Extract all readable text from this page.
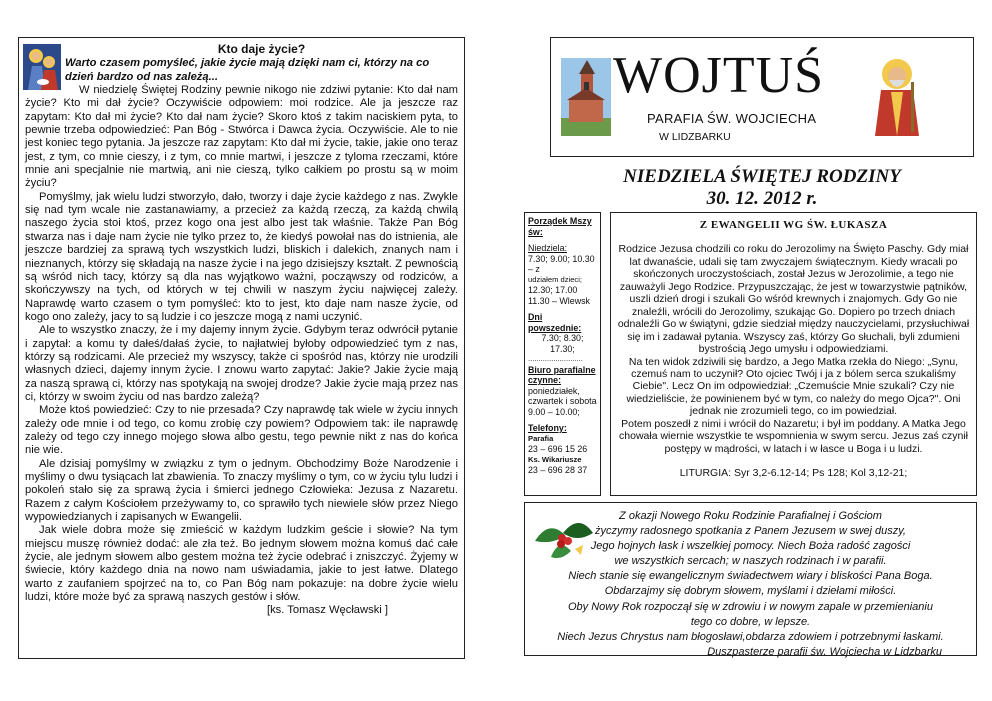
Kto daje życie?

Warto czasem pomyśleć, jakie życie mają dzięki nam ci, którzy na co dzień bardzo od nas zależą...

W niedzielę Świętej Rodziny pewnie nikogo nie zdziwi pytanie: Kto dał nam życie? Kto mi dał życie? Oczywiście odpowiem: moi rodzice. Ale ja jeszcze raz zapytam: Kto dał mi życie? Kto dał nam życie? Skoro ktoś z takim naciskiem pyta, to pewnie trzeba odpowiedzieć: Pan Bóg - Stwórca i Dawca życia. Oczywiście. Ale to nie jest koniec tego pytania. Ja jeszcze raz zapytam: Kto dał mi życie, takie, jakie ono teraz jest, z tym, co mnie cieszy, i z tym, co mnie martwi, i jeszcze z tyloma rzeczami, które mnie ani specjalnie nie martwią, ani nie cieszą, tylko całkiem po prostu są w moim życiu?

Pomyślmy, jak wielu ludzi stworzyło, dało, tworzy i daje życie każdego z nas. Zwykle się nad tym wcale nie zastanawiamy, a przecież za każdą rzeczą, za każdą chwilą naszego życia stoi ktoś, przez kogo ona jest albo jest tak właśnie. Także Pan Bóg stwarza nas i daje nam życie nie tylko przez to, że kiedyś powołał nas do istnienia, ale jeszcze bardziej za sprawą tych wszystkich ludzi, bliskich i dalekich, znanych nam i nieznanych, którzy się składają na nasze życie i na jego dzisiejszy kształt. Z pewnością są wśród nich tacy, którzy są dla nas wyjątkowo ważni, począwszy od rodziców, a skończywszy na tych, od których w tej chwili w naszym życiu najwięcej zależy. Naprawdę warto czasem o tym pomyśleć: kto to jest, kto daje nam nasze życie, od kogo ono zależy, jacy to są ludzie i co jeszcze mogą z nami uczynić.

Ale to wszystko znaczy, że i my dajemy innym życie. Gdybym teraz odwrócił pytanie i zapytał: a komu ty dałeś/dałaś życie, to najłatwiej byłoby odpowiedzieć tym z nas, którzy są rodzicami. Ale przecież my wszyscy, także ci spośród nas, którzy nie urodzili własnych dzieci, dajemy innym życie. I znowu warto zapytać: Jakie? Jakie życie mają za naszą sprawą ci, którzy nas spotykają na swojej drodze? Jakie życie mają przez nas ci, którzy w swoim życiu od nas bardzo zależą?

Może ktoś powiedzieć: Czy to nie przesada? Czy naprawdę tak wiele w życiu innych zależy ode mnie i od tego, co komu zrobię czy powiem? Odpowiem tak: ile naprawdę zależy od tego czy innego mojego słowa albo gestu, tego pewnie nikt z nas do końca nie wie.

Ale dzisiaj pomyślmy w związku z tym o jednym. Obchodzimy Boże Narodzenie i myślimy o dwu tysiącach lat zbawienia. To znaczy myślimy o tym, co w życiu tylu ludzi i pokoleń stało się za sprawą życia i śmierci jednego Człowieka: Jezusa z Nazaretu. Razem z całym Kościołem przeżywamy to, co sprawiło tych niewiele słów przez Niego wypowiedzianych i zapisanych w Ewangelii.

Jak wiele dobra może się zmieścić w każdym ludzkim geście i słowie? Na tym miejscu muszę również dodać: ale zła też. Bo jednym słowem można komuś dać całe życie, ale jednym słowem albo gestem można też życie odebrać i zniszczyć. Żyjemy w świecie, który każdego dnia na nowo nam uświadamia, jakie to jest łatwe. Dlatego warto z zaufaniem spojrzeć na to, co Pan Bóg nam pokazuje: na dobre życie wielu ludzi, które może być za sprawą naszych gestów i słów.

[ks. Tomasz Węcławski ]

WOJTUŚ
PARAFIA ŚW. WOJCIECHA
W LIDZBARKU
NIEDZIELA ŚWIĘTEJ RODZINY
30. 12. 2012 r.

Porządek Mszy św:

Niedziela:

7.30; 9.00; 10.30 – z

udziałem dzieci;

12.30; 17.00

11.30 – Wlewsk

Dni powszednie:

7.30; 8.30;

17.30;

..........................

Biuro parafialne czynne:

poniedziałek, czwartek i sobota

9.00 – 10.00;

Telefony:

Parafia

23 – 696 15 26

Ks. Wikariusze

23 – 696 28 37

Z EWANGELII WG ŚW. ŁUKASZA

Rodzice Jezusa chodzili co roku do Jerozolimy na Święto Paschy. Gdy miał lat dwanaście, udali się tam zwyczajem świątecznym. Kiedy wracali po skończonych uroczystościach, został Jezus w Jerozolimie, a tego nie zauważyli Jego Rodzice. Przypuszczając, że jest w towarzystwie pątników, uszli dzień drogi i szukali Go wśród krewnych i znajomych. Gdy Go nie znaleźli, wrócili do Jerozolimy, szukając Go. Dopiero po trzech dniach odnaleźli Go w świątyni, gdzie siedział między nauczycielami, przysłuchiwał się im i zadawał pytania. Wszyscy zaś, którzy Go słuchali, byli zdumieni bystrością Jego umysłu i odpowiedziami.

Na ten widok zdziwili się bardzo, a Jego Matka rzekła do Niego: „Synu, czemuś nam to uczynił? Oto ojciec Twój i ja z bólem serca szukaliśmy Ciebie". Lecz On im odpowiedział: „Czemuście Mnie szukali? Czy nie wiedzieliście, że powinienem być w tym, co należy do mego Ojca?". Oni jednak nie zrozumieli tego, co im powiedział.

Potem poszedł z nimi i wrócił do Nazaretu; i był im poddany. A Matka Jego chowała wiernie wszystkie te wspomnienia w swym sercu. Jezus zaś czynił postępy w mądrości, w latach i w łasce u Boga i u ludzi.

LITURGIA: Syr 3,2-6.12-14; Ps 128; Kol 3,12-21;

Z okazji Nowego Roku Rodzinie Parafialnej i Gościom

życzymy radosnego spotkania z Panem Jezusem w swej duszy,

Jego hojnych łask i wszelkiej pomocy. Niech Boża radość zagości

we wszystkich sercach; w naszych rodzinach i w parafii.

Niech stanie się ewangelicznym świadectwem wiary i bliskości Pana Boga.

Obdarzajmy się dobrym słowem, myślami i dziełami miłości.

Oby Nowy Rok rozpoczął się w zdrowiu i w nowym zapale w przemienianiu

tego co dobre, w lepsze.

Niech Jezus Chrystus nam błogosławi,obdarza zdowiem i potrzebnymi łaskami.

Duszpasterze parafii św. Wojciecha w Lidzbarku
